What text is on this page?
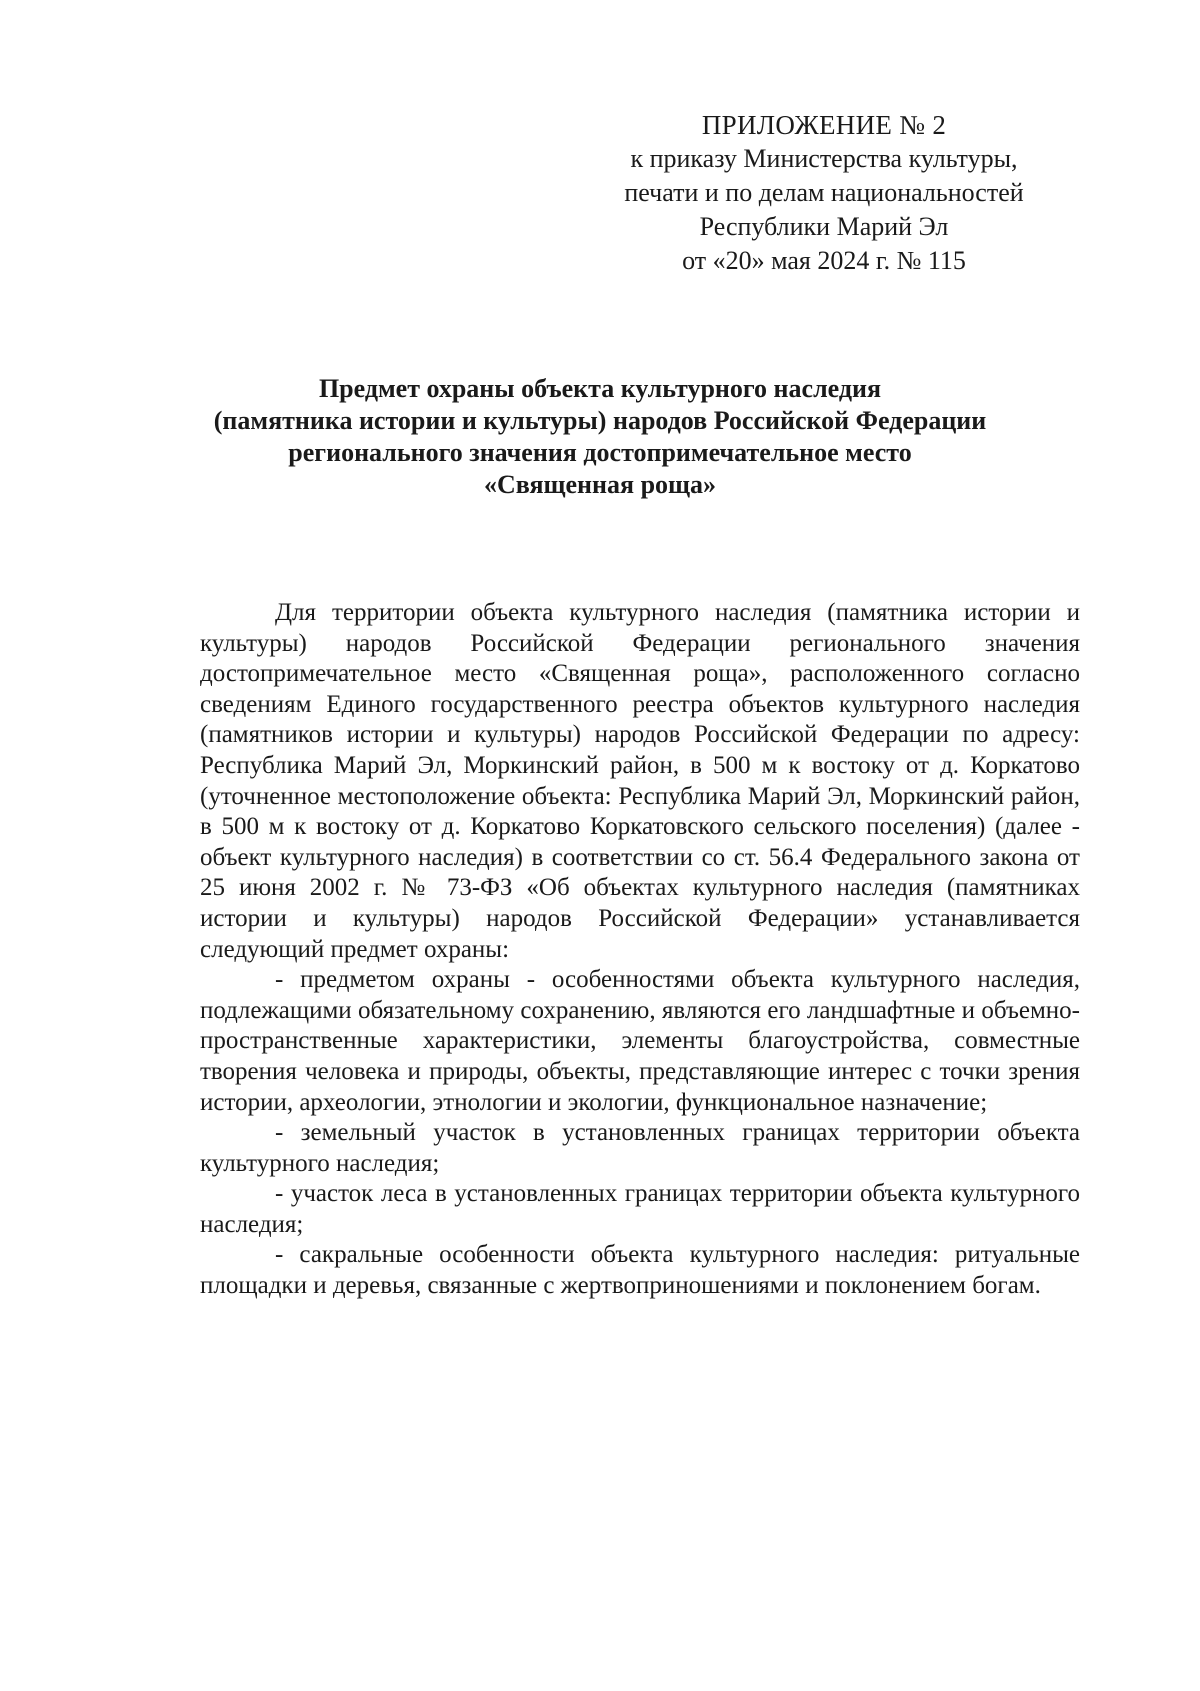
ПРИЛОЖЕНИЕ № 2
к приказу Министерства культуры,
печати и по делам национальностей
Республики Марий Эл
от «20» мая 2024 г. № 115
Предмет охраны объекта культурного наследия
(памятника истории и культуры) народов Российской Федерации
регионального значения достопримечательное место
«Священная роща»

Для территории объекта культурного наследия (памятника истории и культуры) народов Российской Федерации регионального значения достопримечательное место «Священная роща», расположенного согласно сведениям Единого государственного реестра объектов культурного наследия (памятников истории и культуры) народов Российской Федерации по адресу: Республика Марий Эл, Моркинский район, в 500 м к востоку от д. Коркатово (уточненное местоположение объекта: Республика Марий Эл, Моркинский район, в 500 м к востоку от д. Коркатово Коркатовского сельского поселения) (далее - объект культурного наследия) в соответствии со ст. 56.4 Федерального закона от 25 июня 2002 г. № 73-ФЗ «Об объектах культурного наследия (памятниках истории и культуры) народов Российской Федерации» устанавливается следующий предмет охраны:

- предметом охраны - особенностями объекта культурного наследия, подлежащими обязательному сохранению, являются его ландшафтные и объемно-пространственные характеристики, элементы благоустройства, совместные творения человека и природы, объекты, представляющие интерес с точки зрения истории, археологии, этнологии и экологии, функциональное назначение;

- земельный участок в установленных границах территории объекта культурного наследия;

- участок леса в установленных границах территории объекта культурного наследия;

- сакральные особенности объекта культурного наследия: ритуальные площадки и деревья, связанные с жертвоприношениями и поклонением богам.
